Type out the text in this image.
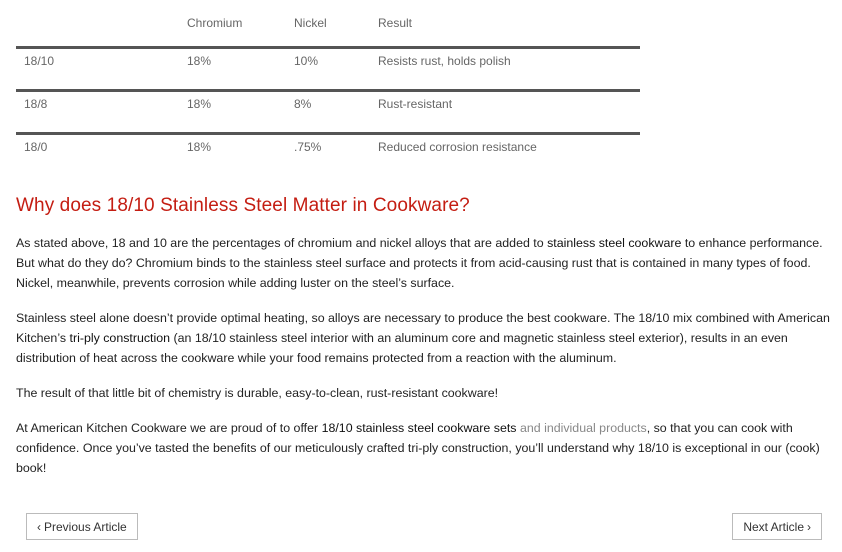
	Chromium	Nickel	Result
18/10	18%	10%	Resists rust, holds polish
18/8	18%	8%	Rust-resistant
18/0	18%	.75%	Reduced corrosion resistance
Why does 18/10 Stainless Steel Matter in Cookware?

As stated above, 18 and 10 are the percentages of chromium and nickel alloys that are added to stainless steel cookware to enhance performance. But what do they do? Chromium binds to the stainless steel surface and protects it from acid-causing rust that is contained in many types of food. Nickel, meanwhile, prevents corrosion while adding luster on the steel’s surface.

Stainless steel alone doesn’t provide optimal heating, so alloys are necessary to produce the best cookware. The 18/10 mix combined with American Kitchen’s tri-ply construction (an 18/10 stainless steel interior with an aluminum core and magnetic stainless steel exterior), results in an even distribution of heat across the cookware while your food remains protected from a reaction with the aluminum.

The result of that little bit of chemistry is durable, easy-to-clean, rust-resistant cookware!

At American Kitchen Cookware we are proud of to offer 18/10 stainless steel cookware sets and individual products, so that you can cook with confidence. Once you’ve tasted the benefits of our meticulously crafted tri-ply construction, you’ll understand why 18/10 is exceptional in our (cook) book!

‹ Previous Article	Next Article ›
